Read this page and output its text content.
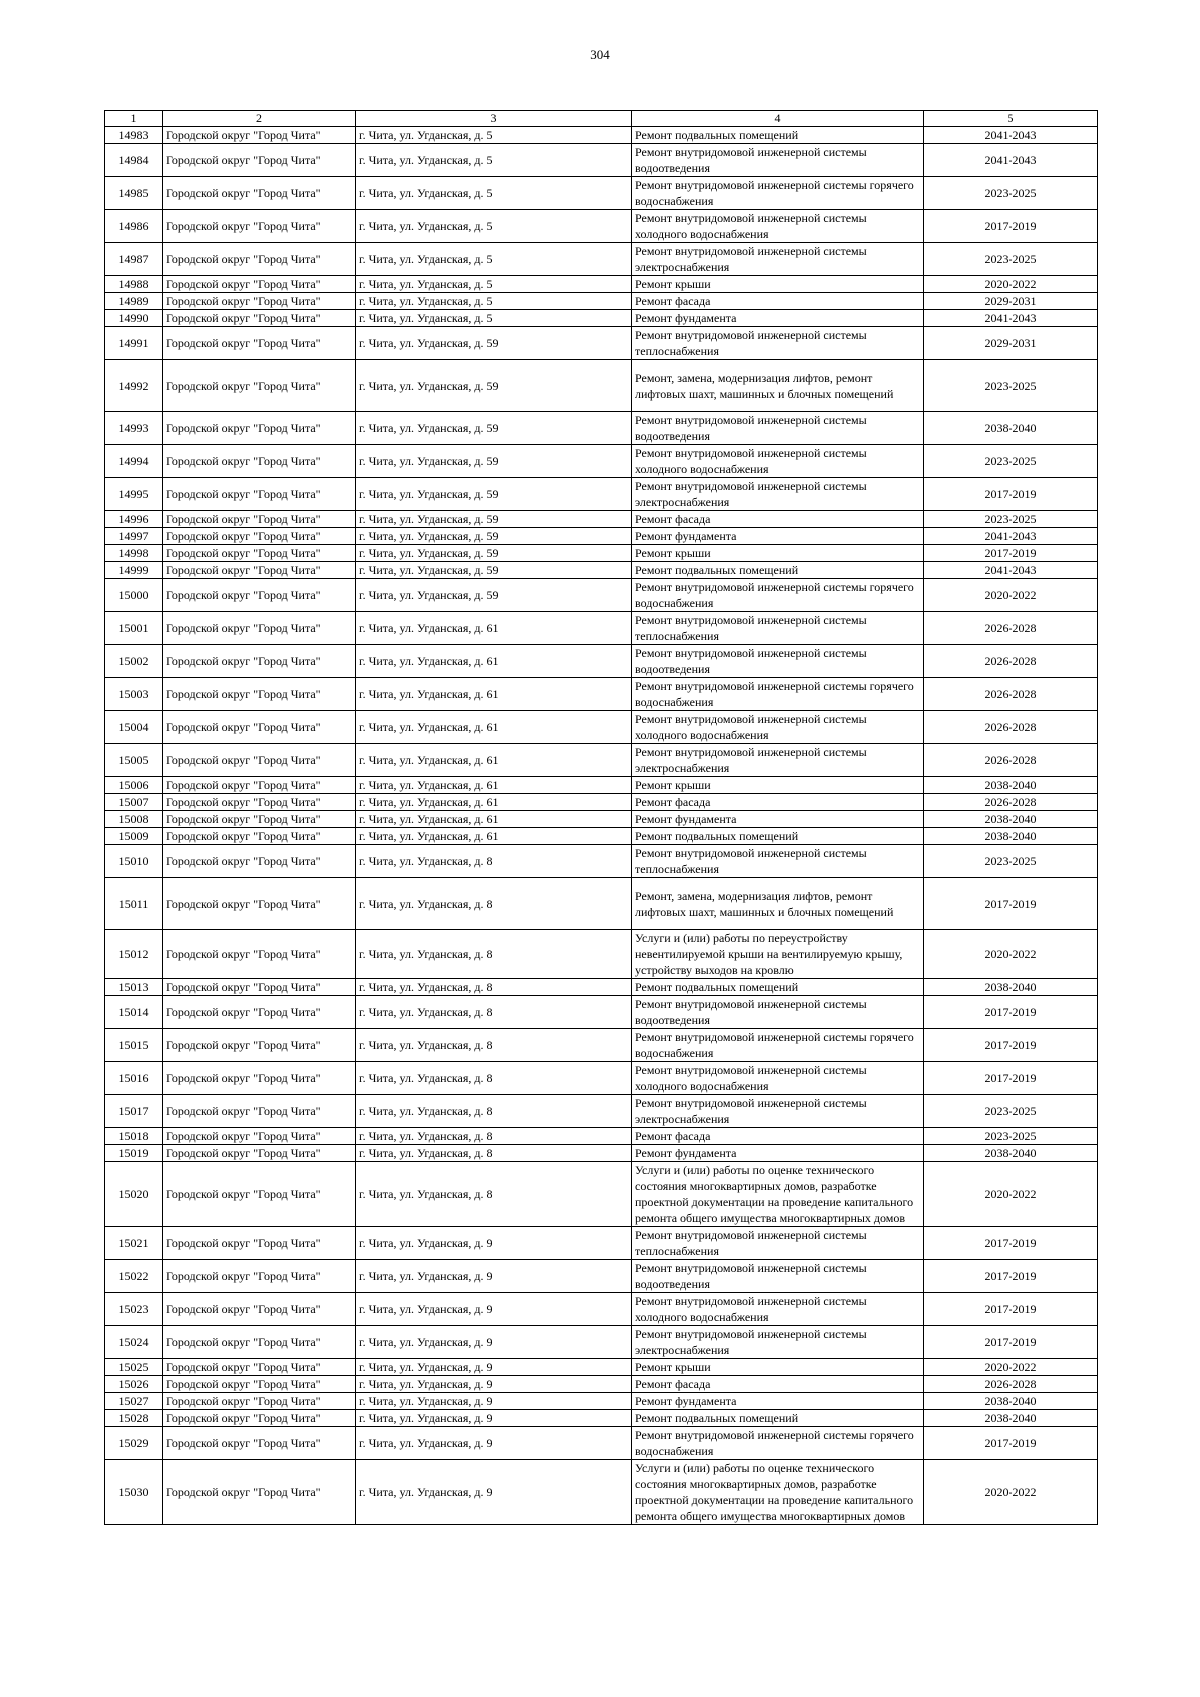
304
1	2	3	4	5
14983	Городской округ "Город Чита"	г. Чита, ул. Угданская, д. 5	Ремонт подвальных помещений	2041-2043
14984	Городской округ "Город Чита"	г. Чита, ул. Угданская, д. 5	Ремонт внутридомовой инженерной системы водоотведения	2041-2043
14985	Городской округ "Город Чита"	г. Чита, ул. Угданская, д. 5	Ремонт внутридомовой инженерной системы горячего водоснабжения	2023-2025
14986	Городской округ "Город Чита"	г. Чита, ул. Угданская, д. 5	Ремонт внутридомовой инженерной системы холодного водоснабжения	2017-2019
14987	Городской округ "Город Чита"	г. Чита, ул. Угданская, д. 5	Ремонт внутридомовой инженерной системы электроснабжения	2023-2025
14988	Городской округ "Город Чита"	г. Чита, ул. Угданская, д. 5	Ремонт крыши	2020-2022
14989	Городской округ "Город Чита"	г. Чита, ул. Угданская, д. 5	Ремонт фасада	2029-2031
14990	Городской округ "Город Чита"	г. Чита, ул. Угданская, д. 5	Ремонт фундамента	2041-2043
14991	Городской округ "Город Чита"	г. Чита, ул. Угданская, д. 59	Ремонт внутридомовой инженерной системы теплоснабжения	2029-2031
14992	Городской округ "Город Чита"	г. Чита, ул. Угданская, д. 59	Ремонт, замена, модернизация лифтов, ремонт лифтовых шахт, машинных и блочных помещений	2023-2025
14993	Городской округ "Город Чита"	г. Чита, ул. Угданская, д. 59	Ремонт внутридомовой инженерной системы водоотведения	2038-2040
14994	Городской округ "Город Чита"	г. Чита, ул. Угданская, д. 59	Ремонт внутридомовой инженерной системы холодного водоснабжения	2023-2025
14995	Городской округ "Город Чита"	г. Чита, ул. Угданская, д. 59	Ремонт внутридомовой инженерной системы электроснабжения	2017-2019
14996	Городской округ "Город Чита"	г. Чита, ул. Угданская, д. 59	Ремонт фасада	2023-2025
14997	Городской округ "Город Чита"	г. Чита, ул. Угданская, д. 59	Ремонт фундамента	2041-2043
14998	Городской округ "Город Чита"	г. Чита, ул. Угданская, д. 59	Ремонт крыши	2017-2019
14999	Городской округ "Город Чита"	г. Чита, ул. Угданская, д. 59	Ремонт подвальных помещений	2041-2043
15000	Городской округ "Город Чита"	г. Чита, ул. Угданская, д. 59	Ремонт внутридомовой инженерной системы горячего водоснабжения	2020-2022
15001	Городской округ "Город Чита"	г. Чита, ул. Угданская, д. 61	Ремонт внутридомовой инженерной системы теплоснабжения	2026-2028
15002	Городской округ "Город Чита"	г. Чита, ул. Угданская, д. 61	Ремонт внутридомовой инженерной системы водоотведения	2026-2028
15003	Городской округ "Город Чита"	г. Чита, ул. Угданская, д. 61	Ремонт внутридомовой инженерной системы горячего водоснабжения	2026-2028
15004	Городской округ "Город Чита"	г. Чита, ул. Угданская, д. 61	Ремонт внутридомовой инженерной системы холодного водоснабжения	2026-2028
15005	Городской округ "Город Чита"	г. Чита, ул. Угданская, д. 61	Ремонт внутридомовой инженерной системы электроснабжения	2026-2028
15006	Городской округ "Город Чита"	г. Чита, ул. Угданская, д. 61	Ремонт крыши	2038-2040
15007	Городской округ "Город Чита"	г. Чита, ул. Угданская, д. 61	Ремонт фасада	2026-2028
15008	Городской округ "Город Чита"	г. Чита, ул. Угданская, д. 61	Ремонт фундамента	2038-2040
15009	Городской округ "Город Чита"	г. Чита, ул. Угданская, д. 61	Ремонт подвальных помещений	2038-2040
15010	Городской округ "Город Чита"	г. Чита, ул. Угданская, д. 8	Ремонт внутридомовой инженерной системы теплоснабжения	2023-2025
15011	Городской округ "Город Чита"	г. Чита, ул. Угданская, д. 8	Ремонт, замена, модернизация лифтов, ремонт лифтовых шахт, машинных и блочных помещений	2017-2019
15012	Городской округ "Город Чита"	г. Чита, ул. Угданская, д. 8	Услуги и (или) работы по переустройству невентилируемой крыши на вентилируемую крышу, устройству выходов на кровлю	2020-2022
15013	Городской округ "Город Чита"	г. Чита, ул. Угданская, д. 8	Ремонт подвальных помещений	2038-2040
15014	Городской округ "Город Чита"	г. Чита, ул. Угданская, д. 8	Ремонт внутридомовой инженерной системы водоотведения	2017-2019
15015	Городской округ "Город Чита"	г. Чита, ул. Угданская, д. 8	Ремонт внутридомовой инженерной системы горячего водоснабжения	2017-2019
15016	Городской округ "Город Чита"	г. Чита, ул. Угданская, д. 8	Ремонт внутридомовой инженерной системы холодного водоснабжения	2017-2019
15017	Городской округ "Город Чита"	г. Чита, ул. Угданская, д. 8	Ремонт внутридомовой инженерной системы электроснабжения	2023-2025
15018	Городской округ "Город Чита"	г. Чита, ул. Угданская, д. 8	Ремонт фасада	2023-2025
15019	Городской округ "Город Чита"	г. Чита, ул. Угданская, д. 8	Ремонт фундамента	2038-2040
15020	Городской округ "Город Чита"	г. Чита, ул. Угданская, д. 8	Услуги и (или) работы по оценке технического состояния многоквартирных домов, разработке проектной документации на проведение капитального ремонта общего имущества многоквартирных домов	2020-2022
15021	Городской округ "Город Чита"	г. Чита, ул. Угданская, д. 9	Ремонт внутридомовой инженерной системы теплоснабжения	2017-2019
15022	Городской округ "Город Чита"	г. Чита, ул. Угданская, д. 9	Ремонт внутридомовой инженерной системы водоотведения	2017-2019
15023	Городской округ "Город Чита"	г. Чита, ул. Угданская, д. 9	Ремонт внутридомовой инженерной системы холодного водоснабжения	2017-2019
15024	Городской округ "Город Чита"	г. Чита, ул. Угданская, д. 9	Ремонт внутридомовой инженерной системы электроснабжения	2017-2019
15025	Городской округ "Город Чита"	г. Чита, ул. Угданская, д. 9	Ремонт крыши	2020-2022
15026	Городской округ "Город Чита"	г. Чита, ул. Угданская, д. 9	Ремонт фасада	2026-2028
15027	Городской округ "Город Чита"	г. Чита, ул. Угданская, д. 9	Ремонт фундамента	2038-2040
15028	Городской округ "Город Чита"	г. Чита, ул. Угданская, д. 9	Ремонт подвальных помещений	2038-2040
15029	Городской округ "Город Чита"	г. Чита, ул. Угданская, д. 9	Ремонт внутридомовой инженерной системы горячего водоснабжения	2017-2019
15030	Городской округ "Город Чита"	г. Чита, ул. Угданская, д. 9	Услуги и (или) работы по оценке технического состояния многоквартирных домов, разработке проектной документации на проведение капитального ремонта общего имущества многоквартирных домов	2020-2022
